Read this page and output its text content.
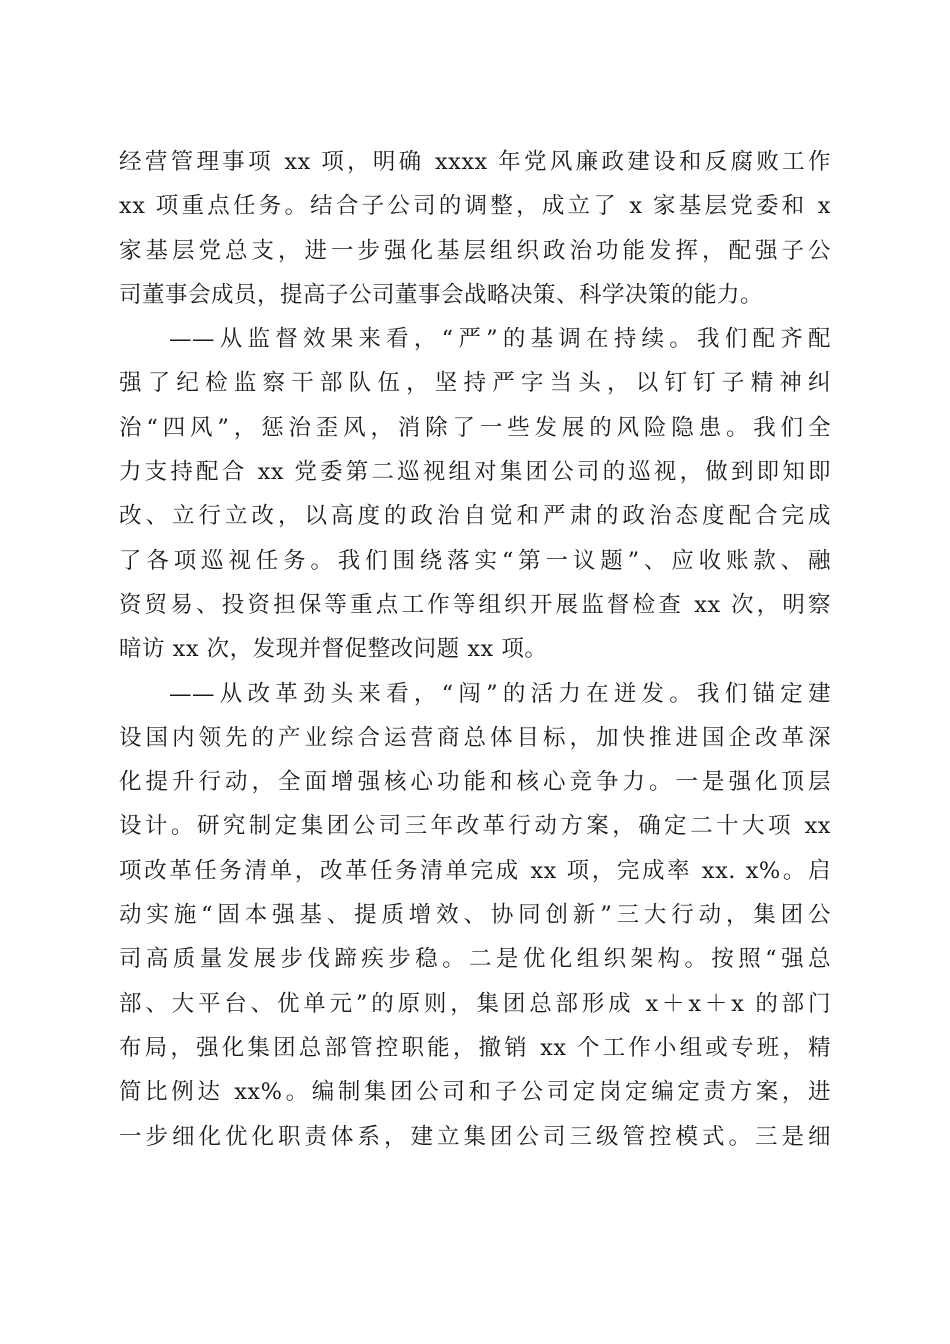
经营管理事项 xx 项，明确 xxxx 年党风廉政建设和反腐败工作
xx 项重点任务。结合子公司的调整，成立了 x 家基层党委和 x
家基层党总支，进一步强化基层组织政治功能发挥，配强子公
司董事会成员，提高子公司董事会战略决策、科学决策的能力。
——从监督效果来看，“严”的基调在持续。我们配齐配
强了纪检监察干部队伍，坚持严字当头，以钉钉子精神纠
治“四风”，惩治歪风，消除了一些发展的风险隐患。我们全
力支持配合 xx 党委第二巡视组对集团公司的巡视，做到即知即
改、立行立改，以高度的政治自觉和严肃的政治态度配合完成
了各项巡视任务。我们围绕落实“第一议题”、应收账款、融
资贸易、投资担保等重点工作等组织开展监督检查 xx 次，明察
暗访 xx 次，发现并督促整改问题 xx 项。
——从改革劲头来看，“闯”的活力在迸发。我们锚定建
设国内领先的产业综合运营商总体目标，加快推进国企改革深
化提升行动，全面增强核心功能和核心竞争力。一是强化顶层
设计。研究制定集团公司三年改革行动方案，确定二十大项 xx
项改革任务清单，改革任务清单完成 xx 项，完成率 xx. x%。启
动实施“固本强基、提质增效、协同创新”三大行动，集团公
司高质量发展步伐蹄疾步稳。二是优化组织架构。按照“强总
部、大平台、优单元”的原则，集团总部形成 x＋x＋x 的部门
布局，强化集团总部管控职能，撤销 xx 个工作小组或专班，精
简比例达 xx%。编制集团公司和子公司定岗定编定责方案，进
一步细化优化职责体系，建立集团公司三级管控模式。三是细
